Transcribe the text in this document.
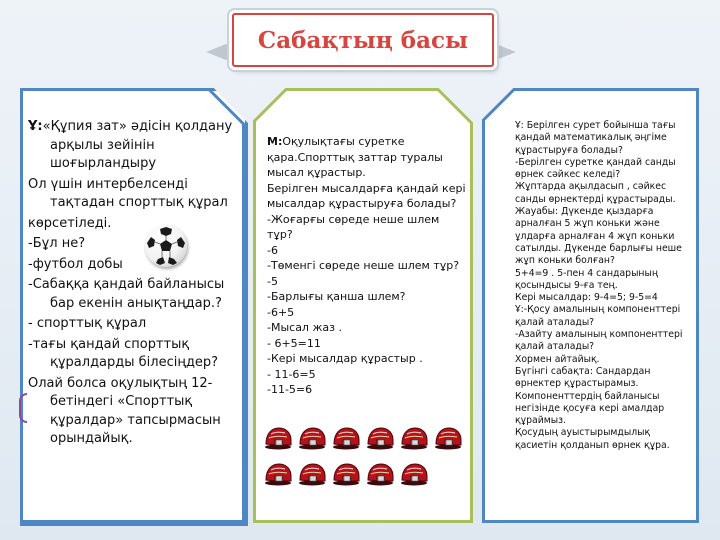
Сабақтың басы

Ұ:«Құпия зат» әдісін қолдану арқылы зейінін шоғырландыру

Ол үшін интербелсенді тақтадан спорттық құрал

көрсетіледі.

-Бұл не?

-футбол добы

-Сабаққа қандай байланысы бар екенін анықтаңдар.?

- спорттық құрал

-тағы қандай спорттық құралдарды білесіңдер?

Олай болса оқулықтың 12-бетіндегі «Спорттық құралдар» тапсырмасын орындайық.

М:Оқулықтағы суретке қара.Спорттық заттар туралы мысал құрастыр.

Берілген мысалдарға қандай кері мысалдар құрастыруға болады?

-Жоғарғы сөреде неше шлем тұр?

-6

-Төменгі сөреде неше шлем тұр?

-5

-Барлығы қанша шлем?

-6+5

-Мысал жаз .

- 6+5=11

-Кері мысалдар құрастыр .

- 11-6=5

-11-5=6

Ұ: Берілген сурет бойынша тағы қандай математикалық әңгіме құрастыруға болады?

-Берілген суретке қандай санды өрнек сәйкес келеді?

Жұптарда ақылдасып , сәйкес санды өрнектерді құрастырады.

Жауабы: Дүкенде қыздарға арналған 5 жұп коньки және ұлдарға арналған 4 жұп коньки сатылды. Дүкенде барлығы неше жұп коньки болған?

5+4=9 . 5-пен 4 сандарының қосындысы 9-ға тең.

Кері мысалдар: 9-4=5; 9-5=4

Ұ:-Қосу амалының компоненттері қалай аталады?

-Азайту амалының компоненттері қалай аталады?

Хормен айтайық.

Бүгінгі сабақта: Сандардан өрнектер құрастырамыз. Компоненттердің байланысы негізінде қосуға кері амалдар құраймыз.

Қосудың ауыстырымдылық қасиетін қолданып өрнек құра.
